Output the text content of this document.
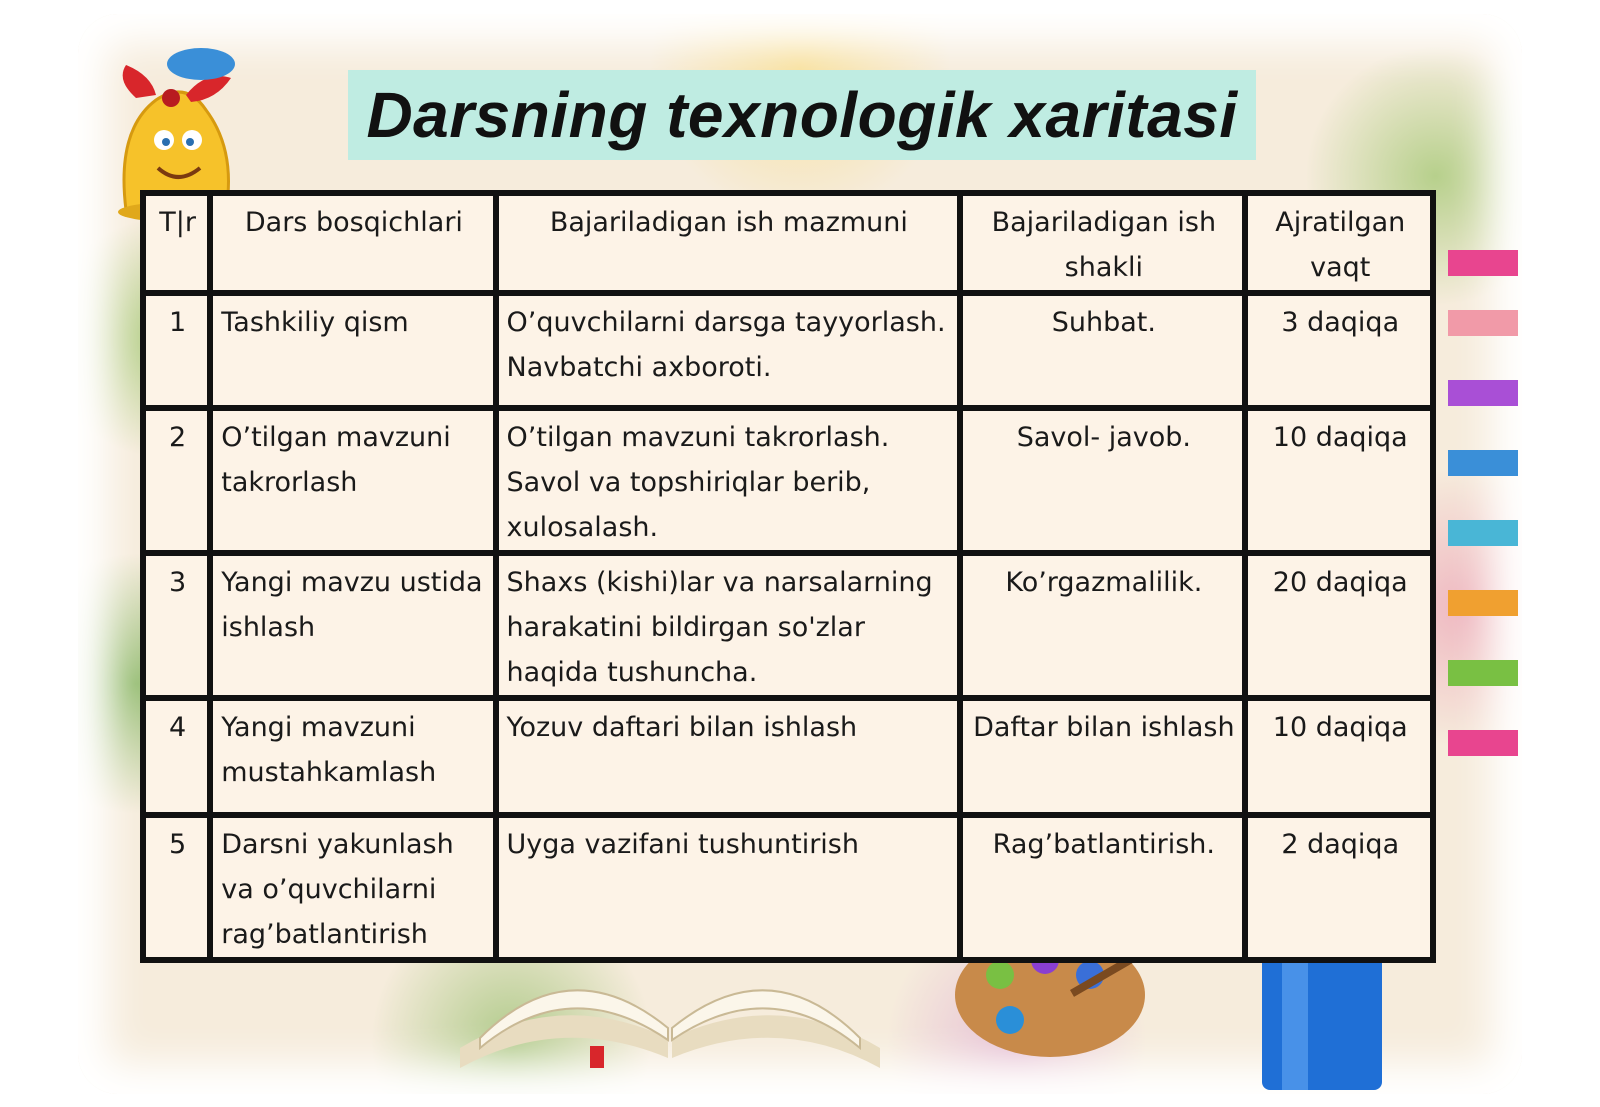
Darsning texnologik xaritasi
T|r	Dars bosqichlari	Bajariladigan ish mazmuni	Bajariladigan ish shakli	Ajratilgan vaqt
1	Tashkiliy qism	O’quvchilarni darsga tayyorlash. Navbatchi axboroti.	Suhbat.	3 daqiqa
2	O’tilgan mavzuni takrorlash	O’tilgan mavzuni takrorlash. Savol va topshiriqlar berib, xulosalash.	Savol- javob.	10 daqiqa
3	Yangi mavzu ustida ishlash	Shaxs (kishi)lar va narsalarning harakatini bildirgan so'zlar haqida tushuncha.	Ko’rgazmalilik.	20 daqiqa
4	Yangi mavzuni mustahkamlash	Yozuv daftari bilan ishlash	Daftar bilan ishlash	10 daqiqa
5	Darsni yakunlash va o’quvchilarni rag’batlantirish	Uyga vazifani tushuntirish	Rag’batlantirish.	2 daqiqa
